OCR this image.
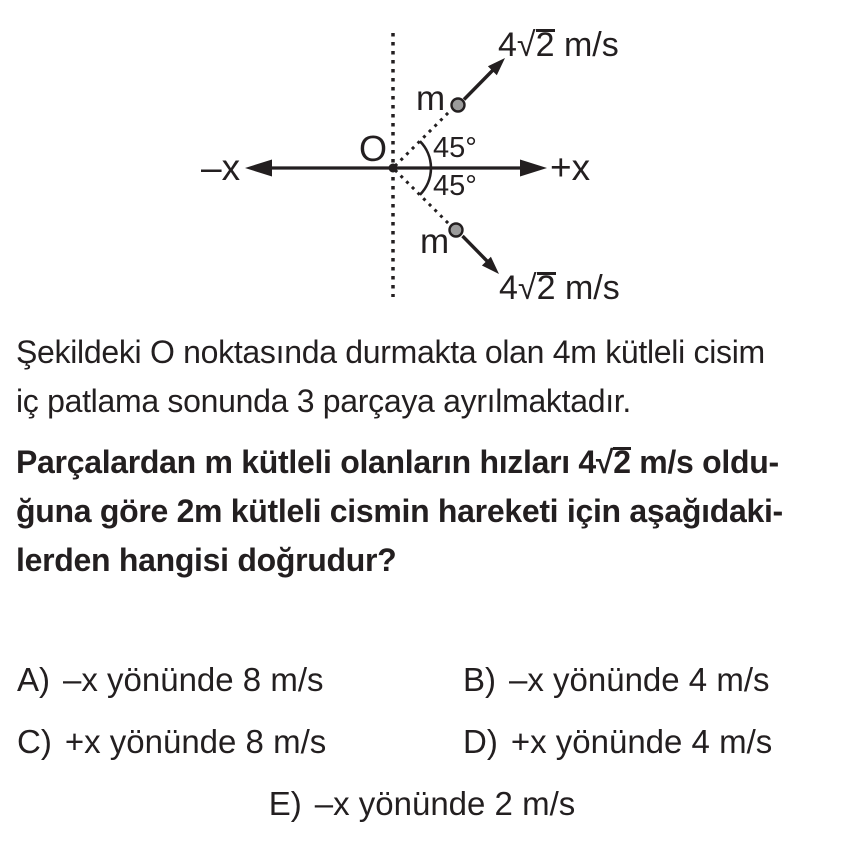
–x	+x
O
m
m
45°
45°
4√2 m/s
4√2 m/s
Şekildeki O noktasında durmakta olan 4m kütleli cisim
iç patlama sonunda 3 parçaya ayrılmaktadır.
Parçalardan m kütleli olanların hızları 4√2 m/s oldu-
ğuna göre 2m kütleli cismin hareketi için aşağıdaki-
lerden hangisi doğrudur?
A) –x yönünde 8 m/s	B) –x yönünde 4 m/s
C) +x yönünde 8 m/s	D) +x yönünde 4 m/s
E) –x yönünde 2 m/s
